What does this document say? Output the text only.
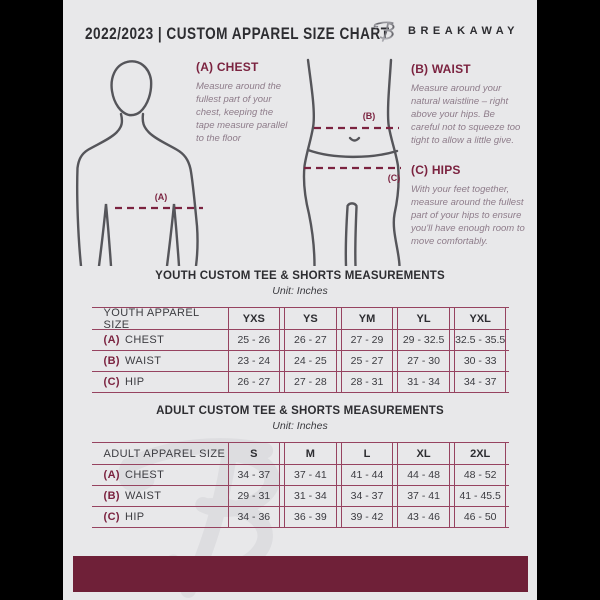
2022/2023 | CUSTOM APPAREL SIZE CHART BREAKAWAY
(A)
(B)
(C)
(A) CHEST
Measure around the fullest part of your chest, keeping the tape measure parallel to the floor
(B) WAIST
Measure around your natural waistline – right above your hips. Be careful not to squeeze too tight to allow a little give.
(C) HIPS
With your feet together, measure around the fullest part of your hips to ensure you'll have enough room to move comfortably.
YOUTH CUSTOM TEE & SHORTS MEASUREMENTS
Unit: Inches
YOUTH APPAREL SIZE	YXS	YS	YM	YL	YXL
(A) CHEST	25 - 26	26 - 27	27 - 29	29 - 32.5	32.5 - 35.5
(B) WAIST	23 - 24	24 - 25	25 - 27	27 - 30	30 - 33
(C) HIP	26 - 27	27 - 28	28 - 31	31 - 34	34 - 37
ADULT CUSTOM TEE & SHORTS MEASUREMENTS
Unit: Inches
ADULT APPAREL SIZE	S	M	L	XL	2XL
(A) CHEST	34 - 37	37 - 41	41 - 44	44 - 48	48 - 52
(B) WAIST	29 - 31	31 - 34	34 - 37	37 - 41	41 - 45.5
(C) HIP	34 - 36	36 - 39	39 - 42	43 - 46	46 - 50
